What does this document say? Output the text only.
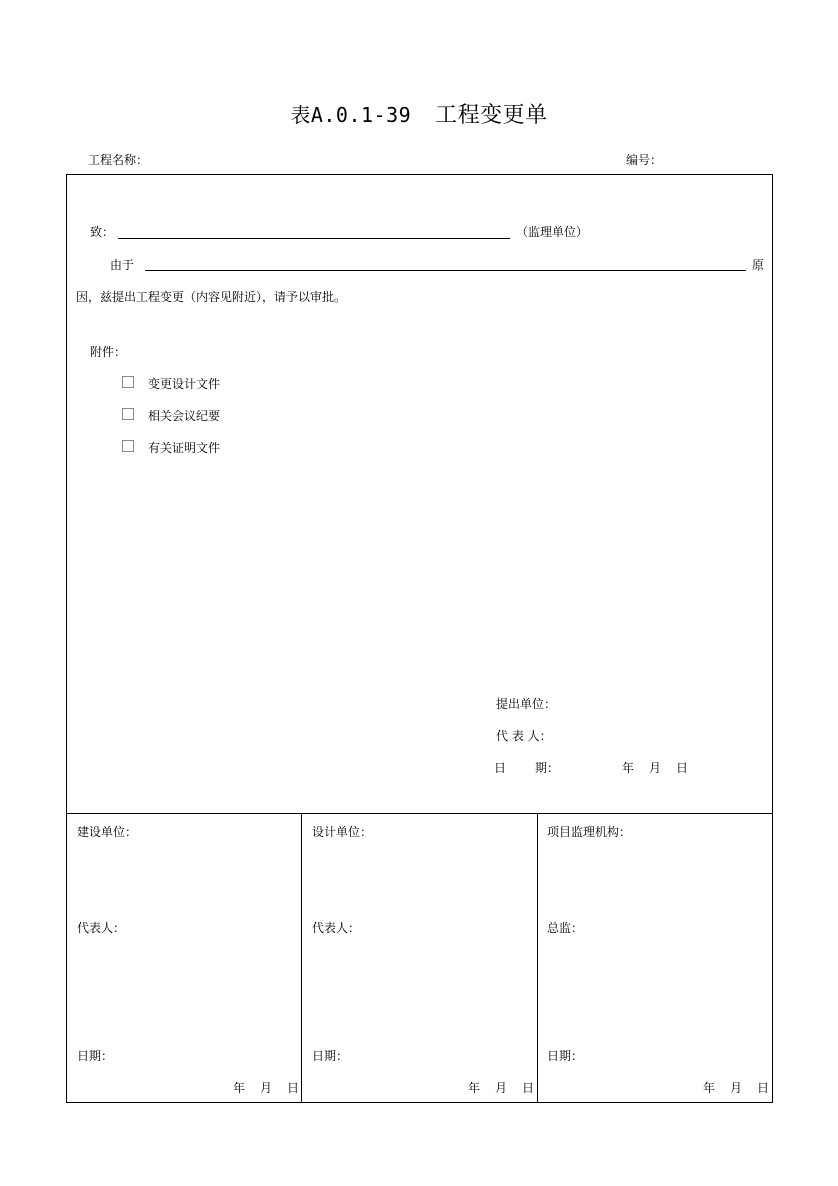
表A.0.1-39 工程变更单
工程名称：	编号：
致：	（监理单位）
由于	原
因，兹提出工程变更（内容见附近），请予以审批。
附件：
变更设计文件
相关会议纪要
有关证明文件
提出单位：
代 表 人：
日 期：	年 月 日
建设单位：
代表人：
日期：
年 月 日
设计单位：
代表人：
日期：
年 月 日
项目监理机构：
总监：
日期：
年 月 日
